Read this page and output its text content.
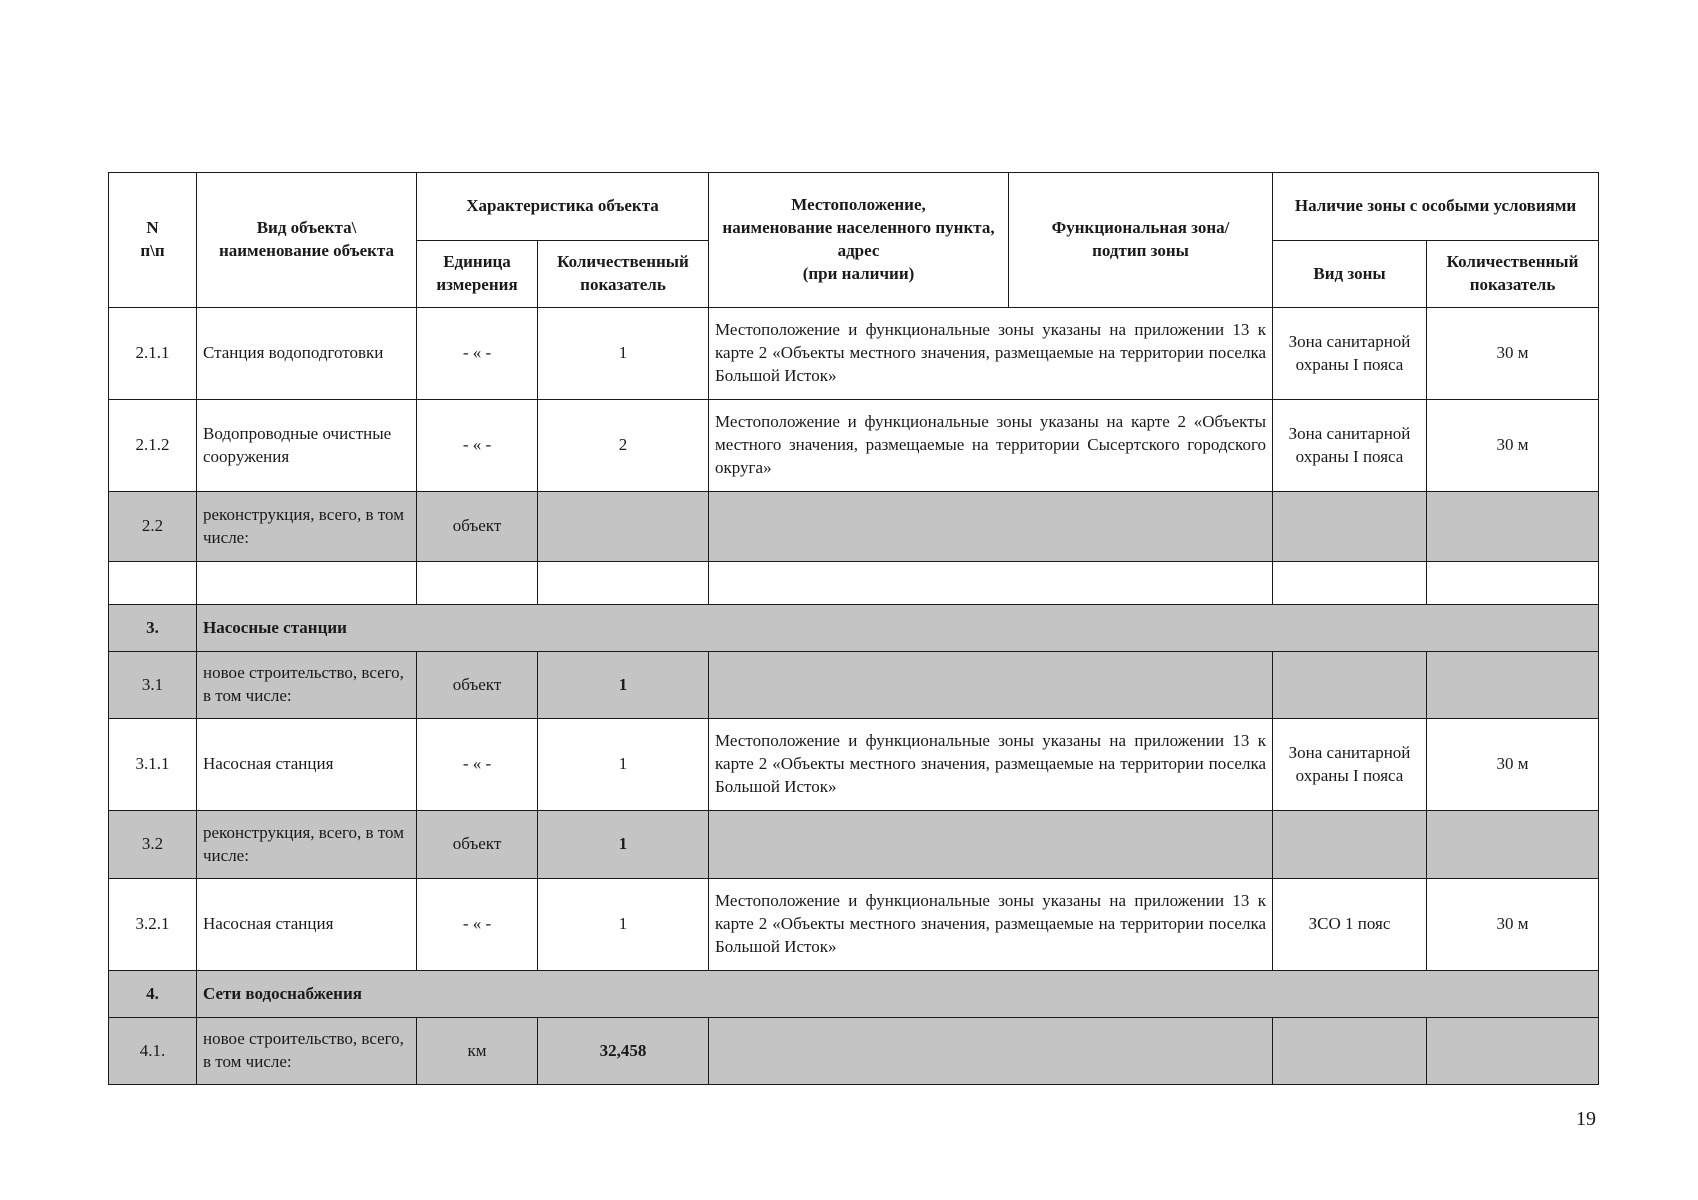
N
п\п	Вид объекта\
наименование объекта	Характеристика объекта		Местоположение,
наименование населенного пункта, адрес
(при наличии)	Функциональная зона/
подтип зоны	Наличие зоны с особыми условиями	
		Единица измерения	Количественный показатель			Вид зоны	Количественный показатель
2.1.1	Станция водоподготовки	- « -	1	Местоположение и функциональные зоны указаны на приложении 13 к карте 2 «Объекты местного значения, размещаемые на территории поселка Большой Исток»		Зона санитарной охраны I пояса	30 м
2.1.2	Водопроводные очистные сооружения	- « -	2	Местоположение и функциональные зоны указаны на карте 2 «Объекты местного значения, размещаемые на территории Сысертского городского округа»		Зона санитарной охраны I пояса	30 м
2.2	реконструкция, всего, в том числе:	объект					

3.	Насосные станции						
3.1	новое строительство, всего, в том числе:	объект	1				
3.1.1	Насосная станция	- « -	1	Местоположение и функциональные зоны указаны на приложении 13 к карте 2 «Объекты местного значения, размещаемые на территории поселка Большой Исток»		Зона санитарной охраны I пояса	30 м
3.2	реконструкция, всего, в том числе:	объект	1				
3.2.1	Насосная станция	- « -	1	Местоположение и функциональные зоны указаны на приложении 13 к карте 2 «Объекты местного значения, размещаемые на территории поселка Большой Исток»		ЗСО 1 пояс	30 м
4.	Сети водоснабжения						
4.1.	новое строительство, всего, в том числе:	км	32,458				
19
